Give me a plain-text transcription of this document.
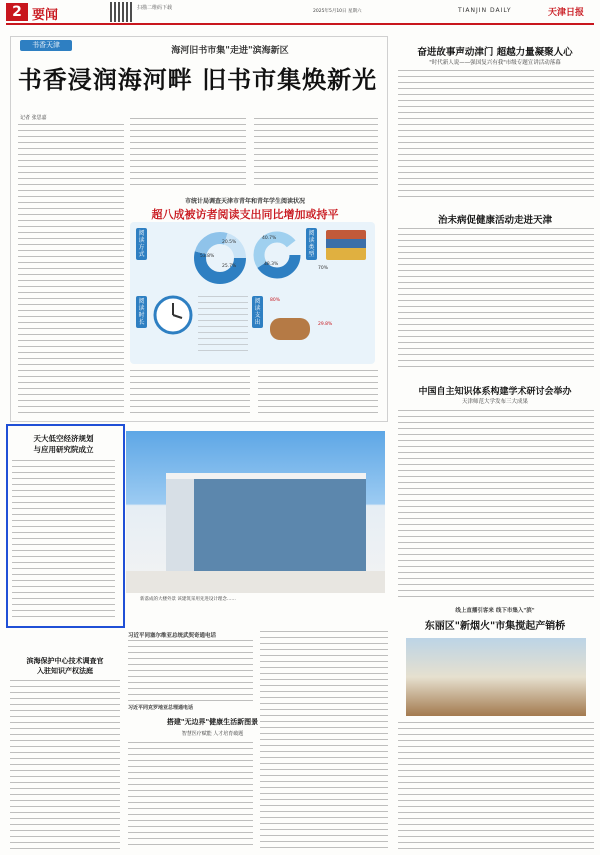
2 要闻	扫描二维码下载
2025年5月10日 星期六	TIANJIN DAILY	天津日报
书香天津
海河旧书市集"走进"滨海新区
书香浸润海河畔 旧书市集焕新光
记者 张思嘉
市统计局调查天津市青年和青年学生阅读状况
超八成被访者阅读支出同比增加或持平
阅读方式
阅读类型
阅读时长
阅读支出
53.8%
25.7%
20.5%
40.7%
48.3%
70%
80%
29.8%
奋进故事声动津门 超越力量凝聚人心
"时代新人说——强国复兴有我"市级专题宣讲活动落幕
治未病促健康活动走进天津
中国自主知识体系构建学术研讨会举办
天津师范大学发布三大成果
线上直播引客来 线下市集入"滨"
东丽区"新烟火"市集搅起产销桥
天大低空经济规划
与应用研究院成立
新落成的大楼外景 该建筑采用先进设计理念……
滨海保护中心技术调查官
入驻知识产权法庭
习近平同塞尔维亚总统武契奇通电话
习近平同克罗地亚总理通电话
搭建"无边界"健康生活新图景
智慧医疗赋能 人才培育破题
